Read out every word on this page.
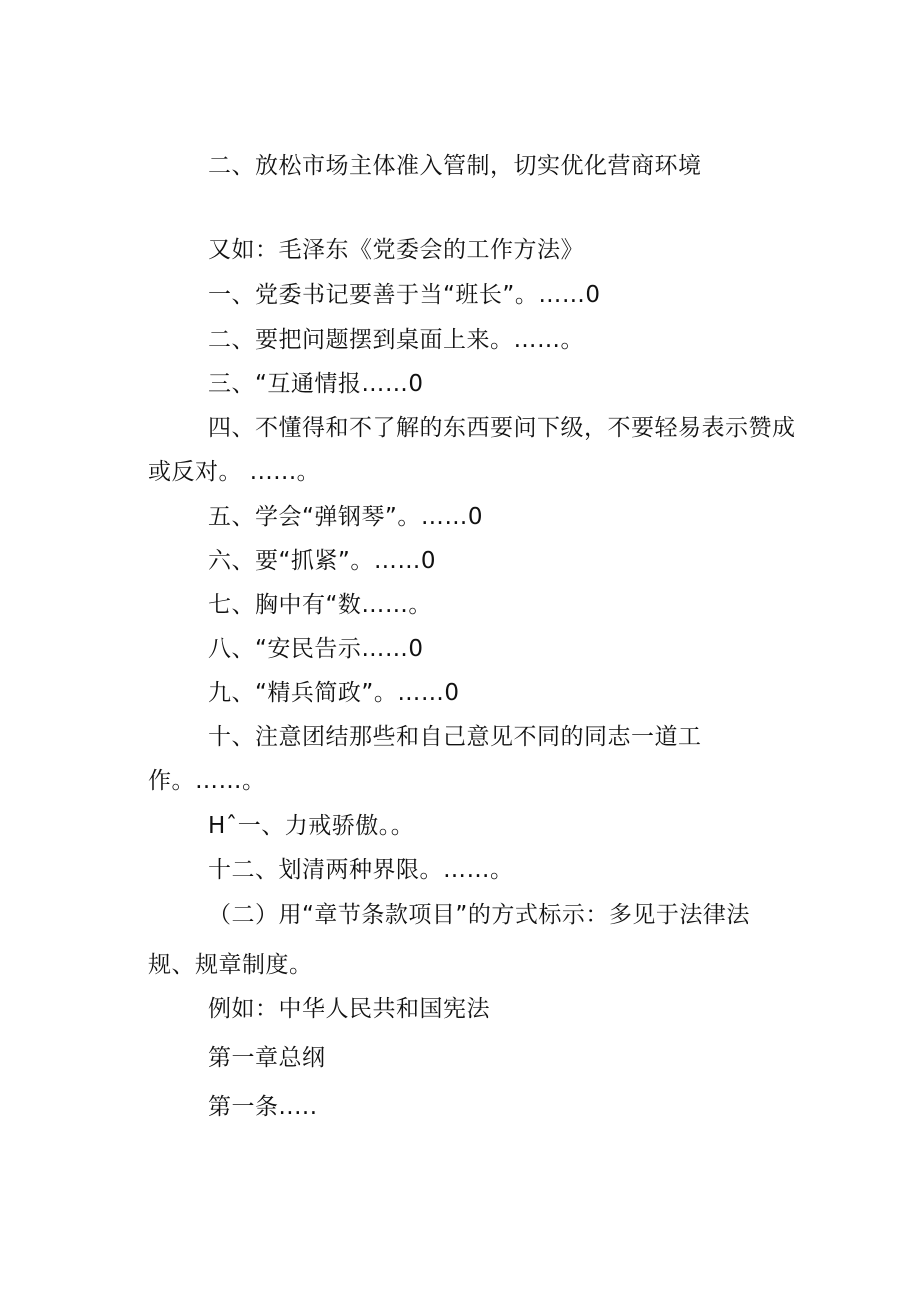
二、放松市场主体准入管制，切实优化营商环境
又如：毛泽东《党委会的工作方法》
一、党委书记要善于当“班长”。……0
二、要把问题摆到桌面上来。……。
三、“互通情报……0
四、不懂得和不了解的东西要问下级，不要轻易表示赞成
或反对。 ......。
五、学会“弹钢琴”。……0
六、要“抓紧”。……0
七、胸中有“数……。
八、“安民告示……0
九、“精兵简政”。……0
十、注意团结那些和自己意见不同的同志一道工
作。……。
Hˆ一、力戒骄傲。。
十二、划清两种界限。……。
（二）用“章节条款项目”的方式标示：多见于法律法
规、规章制度。
例如：中华人民共和国宪法
第一章总纲
第一条.....
